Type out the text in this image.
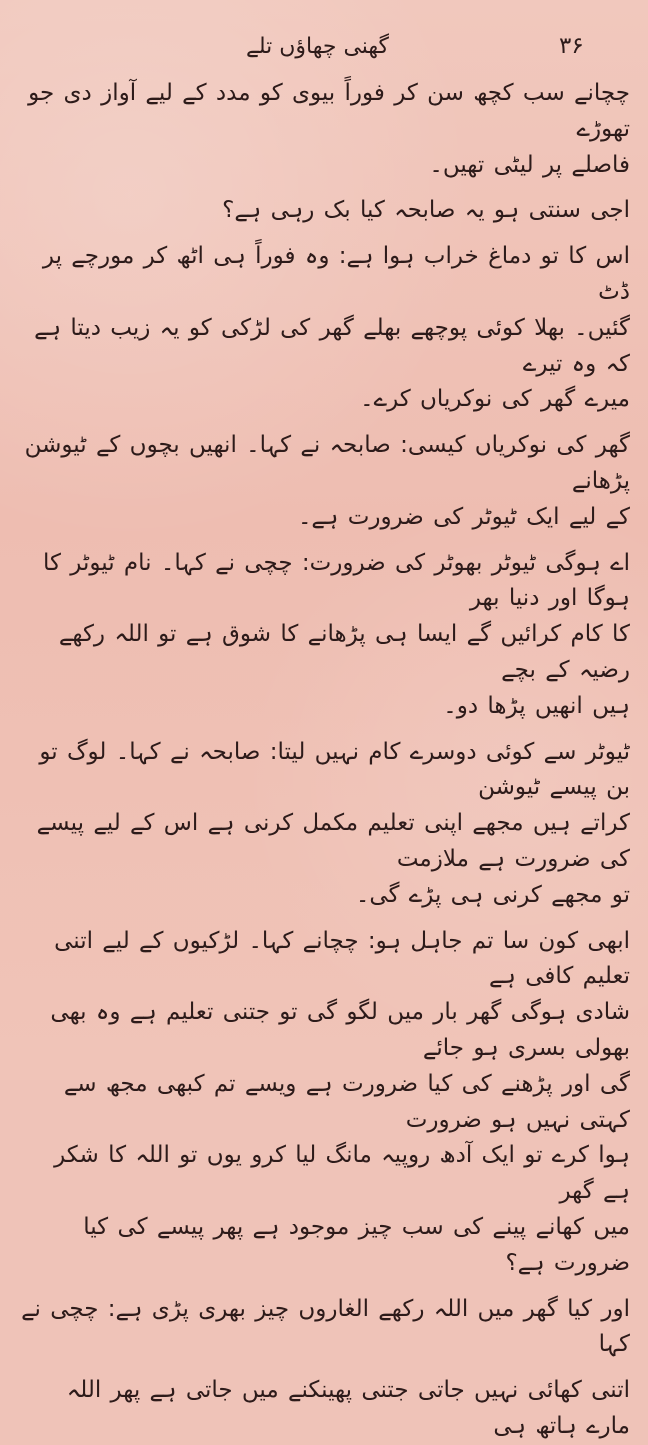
۳۶
گھنی چھاؤں تلے

چچانے سب کچھ سن کر فوراً بیوی کو مدد کے لیے آواز دی جو تھوڑے
فاصلے پر لیٹی تھیں۔

اجی سنتی ہو یہ صابحہ کیا بک رہی ہے؟

اس کا تو دماغ خراب ہوا ہے: وہ فوراً ہی اٹھ کر مورچے پر ڈٹ
گئیں۔ بھلا کوئی پوچھے بھلے گھر کی لڑکی کو یہ زیب دیتا ہے کہ وہ تیرے
میرے گھر کی نوکریاں کرے۔

گھر کی نوکریاں کیسی: صابحہ نے کہا۔ انھیں بچوں کے ٹیوشن پڑھانے
کے لیے ایک ٹیوٹر کی ضرورت ہے۔

اے ہوگی ٹیوٹر بھوٹر کی ضرورت: چچی نے کہا۔ نام ٹیوٹر کا ہوگا اور دنیا بھر
کا کام کرائیں گے ایسا ہی پڑھانے کا شوق ہے تو اللہ رکھے رضیہ کے بچے
ہیں انھیں پڑھا دو۔

ٹیوٹر سے کوئی دوسرے کام نہیں لیتا: صابحہ نے کہا۔ لوگ تو بن پیسے ٹیوشن
کراتے ہیں مجھے اپنی تعلیم مکمل کرنی ہے اس کے لیے پیسے کی ضرورت ہے ملازمت
تو مجھے کرنی ہی پڑے گی۔

ابھی کون سا تم جاہل ہو: چچانے کہا۔ لڑکیوں کے لیے اتنی تعلیم کافی ہے
شادی ہوگی گھر بار میں لگو گی تو جتنی تعلیم ہے وہ بھی بھولی بسری ہو جائے
گی اور پڑھنے کی کیا ضرورت ہے ویسے تم کبھی مجھ سے کہتی نہیں ہو ضرورت
ہوا کرے تو ایک آدھ روپیہ مانگ لیا کرو یوں تو اللہ کا شکر ہے گھر
میں کھانے پینے کی سب چیز موجود ہے پھر پیسے کی کیا ضرورت ہے؟

اور کیا گھر میں اللہ رکھے الغاروں چیز بھری پڑی ہے: چچی نے کہا

اتنی کھائی نہیں جاتی جتنی پھینکنے میں جاتی ہے پھر اللہ مارے ہاتھ ہی
